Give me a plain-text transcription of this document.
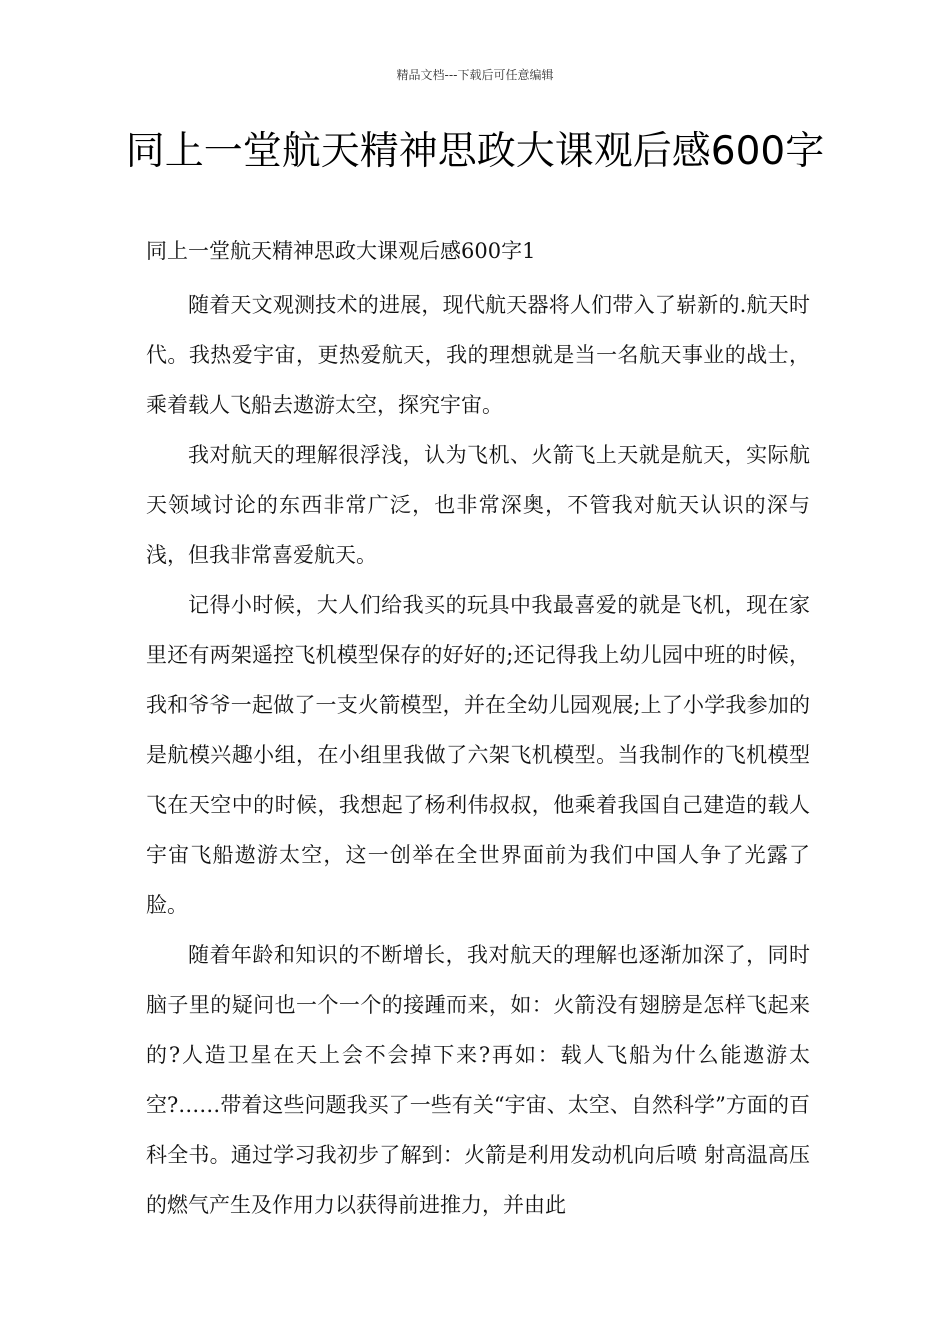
精品文档---下载后可任意编辑
同上一堂航天精神思政大课观后感600字
同上一堂航天精神思政大课观后感600字1

随着天文观测技术的进展，现代航天器将人们带入了崭新的.航天时代。我热爱宇宙，更热爱航天，我的理想就是当一名航天事业的战士，乘着载人飞船去遨游太空，探究宇宙。

我对航天的理解很浮浅，认为飞机、火箭飞上天就是航天，实际航天领域讨论的东西非常广泛，也非常深奥，不管我对航天认识的深与浅，但我非常喜爱航天。

记得小时候，大人们给我买的玩具中我最喜爱的就是飞机，现在家里还有两架遥控飞机模型保存的好好的;还记得我上幼儿园中班的时候，我和爷爷一起做了一支火箭模型，并在全幼儿园观展;上了小学我参加的是航模兴趣小组，在小组里我做了六架飞机模型。当我制作的飞机模型飞在天空中的时候，我想起了杨利伟叔叔，他乘着我国自己建造的载人宇宙飞船遨游太空，这一创举在全世界面前为我们中国人争了光露了脸。

随着年龄和知识的不断增长，我对航天的理解也逐渐加深了，同时脑子里的疑问也一个一个的接踵而来，如：火箭没有翅膀是怎样飞起来的?人造卫星在天上会不会掉下来?再如：载人飞船为什么能遨游太空?……带着这些问题我买了一些有关“宇宙、太空、自然科学”方面的百科全书。通过学习我初步了解到：火箭是利用发动机向后喷 射高温高压的燃气产生及作用力以获得前进推力，并由此
